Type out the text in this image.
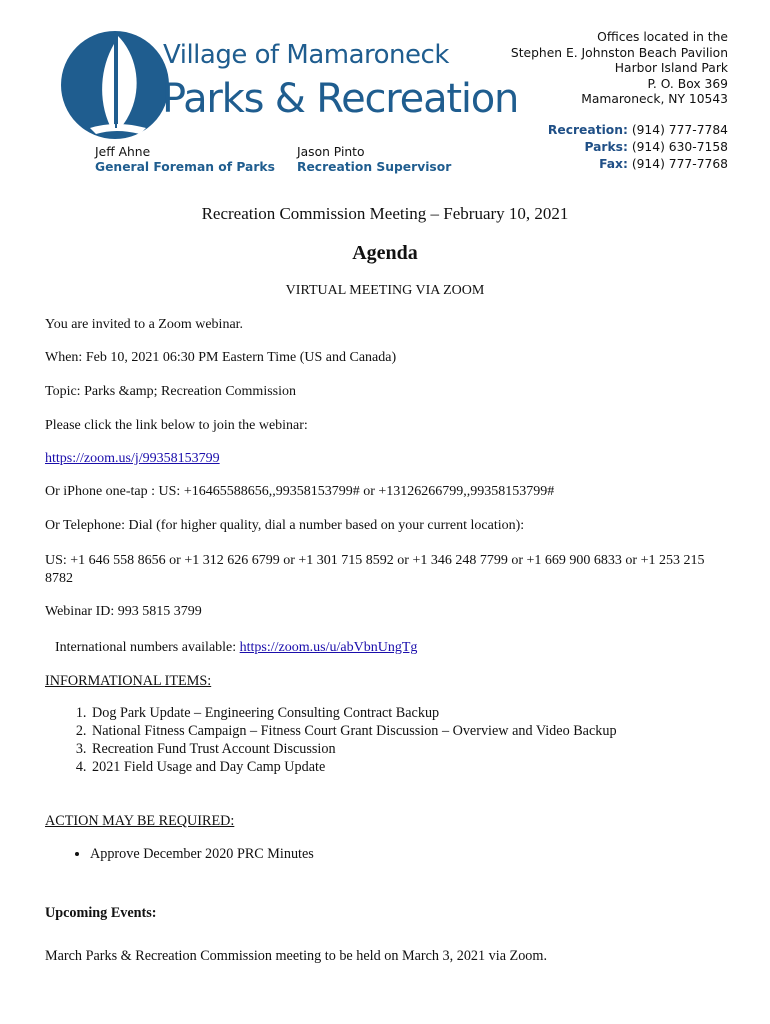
Village of Mamaroneck
Parks & Recreation
Offices located in the
Stephen E. Johnston Beach Pavilion
Harbor Island Park
P. O. Box 369
Mamaroneck, NY 10543
Recreation: (914) 777-7784
Parks: (914) 630-7158
Fax: (914) 777-7768
Jeff Ahne
General Foreman of Parks
Jason Pinto
Recreation Supervisor
Recreation Commission Meeting – February 10, 2021
Agenda
VIRTUAL MEETING VIA ZOOM
You are invited to a Zoom webinar.
When: Feb 10, 2021 06:30 PM Eastern Time (US and Canada)
Topic: Parks &amp; Recreation Commission
Please click the link below to join the webinar:
https://zoom.us/j/99358153799
Or iPhone one-tap : US: +16465588656,,99358153799# or +13126266799,,99358153799#
Or Telephone: Dial (for higher quality, dial a number based on your current location):
US: +1 646 558 8656 or +1 312 626 6799 or +1 301 715 8592 or +1 346 248 7799 or +1 669 900 6833 or +1 253 215 8782
Webinar ID: 993 5815 3799
International numbers available: https://zoom.us/u/abVbnUngTg
INFORMATIONAL ITEMS:
1. Dog Park Update – Engineering Consulting Contract Backup
2. National Fitness Campaign – Fitness Court Grant Discussion – Overview and Video Backup
3. Recreation Fund Trust Account Discussion
4. 2021 Field Usage and Day Camp Update
ACTION MAY BE REQUIRED:
• Approve December 2020 PRC Minutes
Upcoming Events:
March Parks & Recreation Commission meeting to be held on March 3, 2021 via Zoom.
